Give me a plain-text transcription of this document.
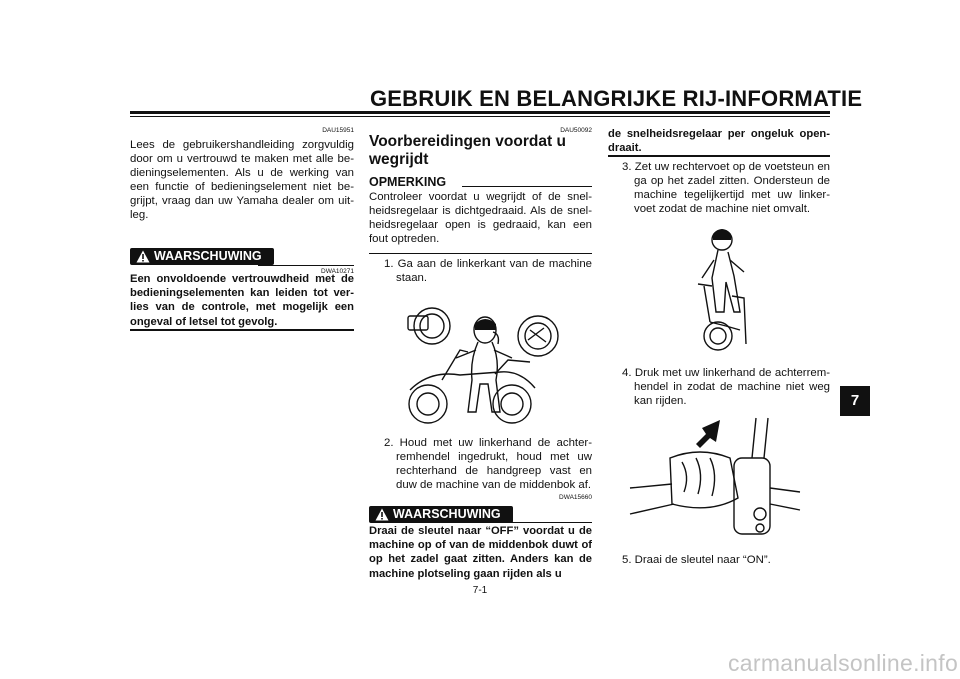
GEBRUIK EN BELANGRIJKE RIJ-INFORMATIE
DAU15951
Lees de gebruikershandleiding zorgvuldig door om u vertrouwd te maken met alle be-dieningselementen. Als u de werking van een functie of bedieningselement niet be-grijpt, vraag dan uw Yamaha dealer om uit-leg.
WAARSCHUWING
DWA10271
Een onvoldoende vertrouwdheid met de bedieningselementen kan leiden tot ver-lies van de controle, met mogelijk een ongeval of letsel tot gevolg.
DAU50092
Voorbereidingen voordat u wegrijdt
OPMERKING
Controleer voordat u wegrijdt of de snel-heidsregelaar is dichtgedraaid. Als de snel-heidsregelaar open is gedraaid, kan een fout optreden.
1. Ga aan de linkerkant van de machine staan.
2. Houd met uw linkerhand de achter-remhendel ingedrukt, houd met uw rechterhand de handgreep vast en duw de machine van de middenbok af.
DWA15660
WAARSCHUWING
Draai de sleutel naar “OFF” voordat u de machine op of van de middenbok duwt of op het zadel gaat zitten. Anders kan de machine plotseling gaan rijden als u
de snelheidsregelaar per ongeluk open-draait.
3. Zet uw rechtervoet op de voetsteun en ga op het zadel zitten. Ondersteun de machine tegelijkertijd met uw linker-voet zodat de machine niet omvalt.
4. Druk met uw linkerhand de achterrem-hendel in zodat de machine niet weg kan rijden.
5. Draai de sleutel naar “ON”.
7
7-1
carmanualsonline.info
